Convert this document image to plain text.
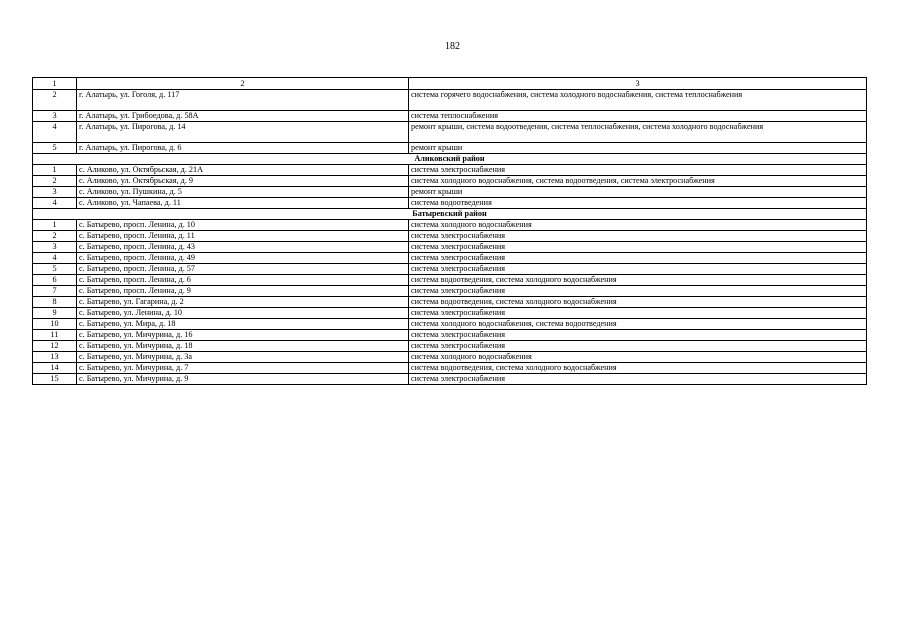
182
1	2	3
2	г. Алатырь, ул. Гоголя, д. 117	система горячего водоснабжения, система холодного водоснабжения, система теплоснабжения
3	г. Алатырь, ул. Грибоедова, д. 58А	система теплоснабжения
4	г. Алатырь, ул. Пирогова, д. 14	ремонт крыши, система водоотведения, система теплоснабжения, система холодного водоснабжения
5	г. Алатырь, ул. Пирогова, д. 6	ремонт крыши
Аликовский район		
1	с. Аликово, ул. Октябрьская, д. 21А	система электроснабжения
2	с. Аликово, ул. Октябрьская, д. 9	система холодного водоснабжения, система водоотведения, система электроснабжения
3	с. Аликово, ул. Пушкина, д. 5	ремонт крыши
4	с. Аликово, ул. Чапаева, д. 11	система водоотведения
Батыревский район		
1	с. Батырево, просп. Ленина, д. 10	система холодного водоснабжения
2	с. Батырево, просп. Ленина, д. 11	система электроснабжения
3	с. Батырево, просп. Ленина, д. 43	система электроснабжения
4	с. Батырево, просп. Ленина, д. 49	система электроснабжения
5	с. Батырево, просп. Ленина, д. 57	система электроснабжения
6	с. Батырево, просп. Ленина, д. 6	система водоотведения, система холодного водоснабжения
7	с. Батырево, просп. Ленина, д. 9	система электроснабжения
8	с. Батырево, ул. Гагарина, д. 2	система водоотведения, система холодного водоснабжения
9	с. Батырево, ул. Ленина, д. 10	система электроснабжения
10	с. Батырево, ул. Мира, д. 18	система холодного водоснабжения, система водоотведения
11	с. Батырево, ул. Мичурина, д. 16	система электроснабжения
12	с. Батырево, ул. Мичурина, д. 18	система электроснабжения
13	с. Батырево, ул. Мичурина, д. 3а	система холодного водоснабжения
14	с. Батырево, ул. Мичурина, д. 7	система водоотведения, система холодного водоснабжения
15	с. Батырево, ул. Мичурина, д. 9	система электроснабжения
